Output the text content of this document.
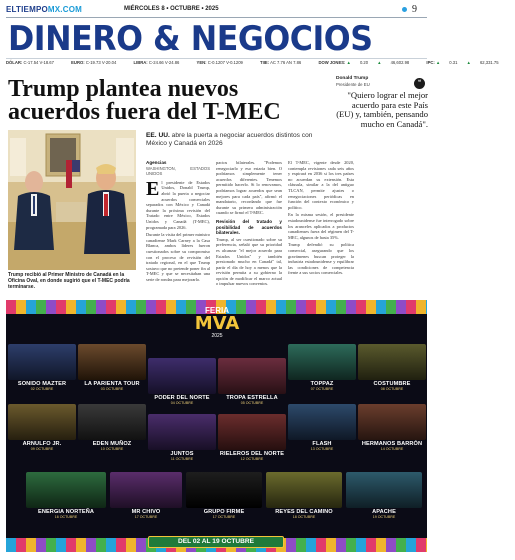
ELTIEMPOMX.COM	MIÉRCOLES 8 • OCTUBRE • 2025	9
DINERO & NEGOCIOS
DÓLAR: C-17.54 V-18.67	EURO: C-19.73 V-20.04	LIBRA: C-24.66 V-24.86	YEN: C-0.1207 V-0.1209	TIIE: AC 7.76 AN 7.86	DOW JONES: ▲ 0.20 ▲ 46,602.98	IPC: ▲ 0.31 ▲ 62,331.75
Trump plantea nuevos acuerdos fuera del T-MEC
Donald Trump
Presidente de EU	❝
"Quiero lograr el mejor acuerdo para este País (EU) y, también, pensando mucho en Canadá".
Trump recibió al Primer Ministro de Canadá en la Oficina Oval, en donde sugirió que el T-MEC podría terminarse.
EE. UU. abre la puerta a negociar acuerdos distintos con México y Canadá en 2026
Agencias
WASHINGTON, ESTADOS UNIDOS

El presidente de Estados Unidos, Donald Trump, abrió la puerta a negociar acuerdos comerciales separados con México y Canadá durante la próxima revisión del Tratado entre México, Estados Unidos y Canadá (T-MEC), programada para 2026.

Durante la visita del primer ministro canadiense Mark Carney a la Casa Blanca, ambos líderes fueron cuestionados sobre su compromiso con el proceso de revisión del tratado regional, en el que Trump sostuvo que no pretende poner fin al T-MEC y que se necesitaban una serie de rondas para mejorarlo.

pactos bilaterales. "Podemos renegociarlo y eso estaría bien. O podríamos simplemente tener acuerdos diferentes. Tenemos permitido hacerlo. Si lo renovamos, podríamos lograr acuerdos que sean mejores para cada país", afirmó el mandatario, recordando que fue durante su primera administración cuando se firmó el T-MEC.

Revisión del tratado y posibilidad de acuerdos bilaterales.

Trump, al ser cuestionado sobre su preferencia, señaló que su prioridad es alcanzar "el mejor acuerdo para Estados Unidos" y también presionado mucho en Canadá" tal, partir el día de hoy a menos que la revisión permita a su gobierno la opción de modificar el marco actual o impulsar nuevos convenios.

El T-MEC, vigente desde 2020, contempla revisiones cada seis años y expirará en 2036 si los tres países no acuerdan su extensión. Esta cláusula, similar a la del antiguo TLCAN, permite ajustes o renegociaciones periódicas en función del contexto económico y político.

En la misma sesión, el presidente estadounidense fue interrogado sobre los aranceles aplicados a productos canadienses fuera del régimen del T-MEC, algunos de hasta 35%.

Trump defendió su política comercial, asegurando que los gravámenes buscan proteger la industria estadounidense y equilibrar las condiciones de competencia frente a sus socios comerciales.

FERIA
MVA
2025
SONIDO MAZTER
02 OCTUBRE
LA PARIENTA TOUR
03 OCTUBRE
PODER DEL NORTE
04 OCTUBRE
TROPA ESTRELLA
05 OCTUBRE
TOPPAZ
07 OCTUBRE
COSTUMBRE
08 OCTUBRE
ARNULFO JR.
09 OCTUBRE
EDEN MUÑOZ
10 OCTUBRE
JUNTOS
11 OCTUBRE
RIELEROS DEL NORTE
12 OCTUBRE
FLASH
13 OCTUBRE
HERMANOS BARRÓN
14 OCTUBRE
ENERGIA NORTEÑA
16 OCTUBRE
MR CHIVO
17 OCTUBRE
GRUPO FIRME
17 OCTUBRE
REYES DEL CAMINO
18 OCTUBRE
APACHE
19 OCTUBRE
DEL 02 AL 19 OCTUBRE
